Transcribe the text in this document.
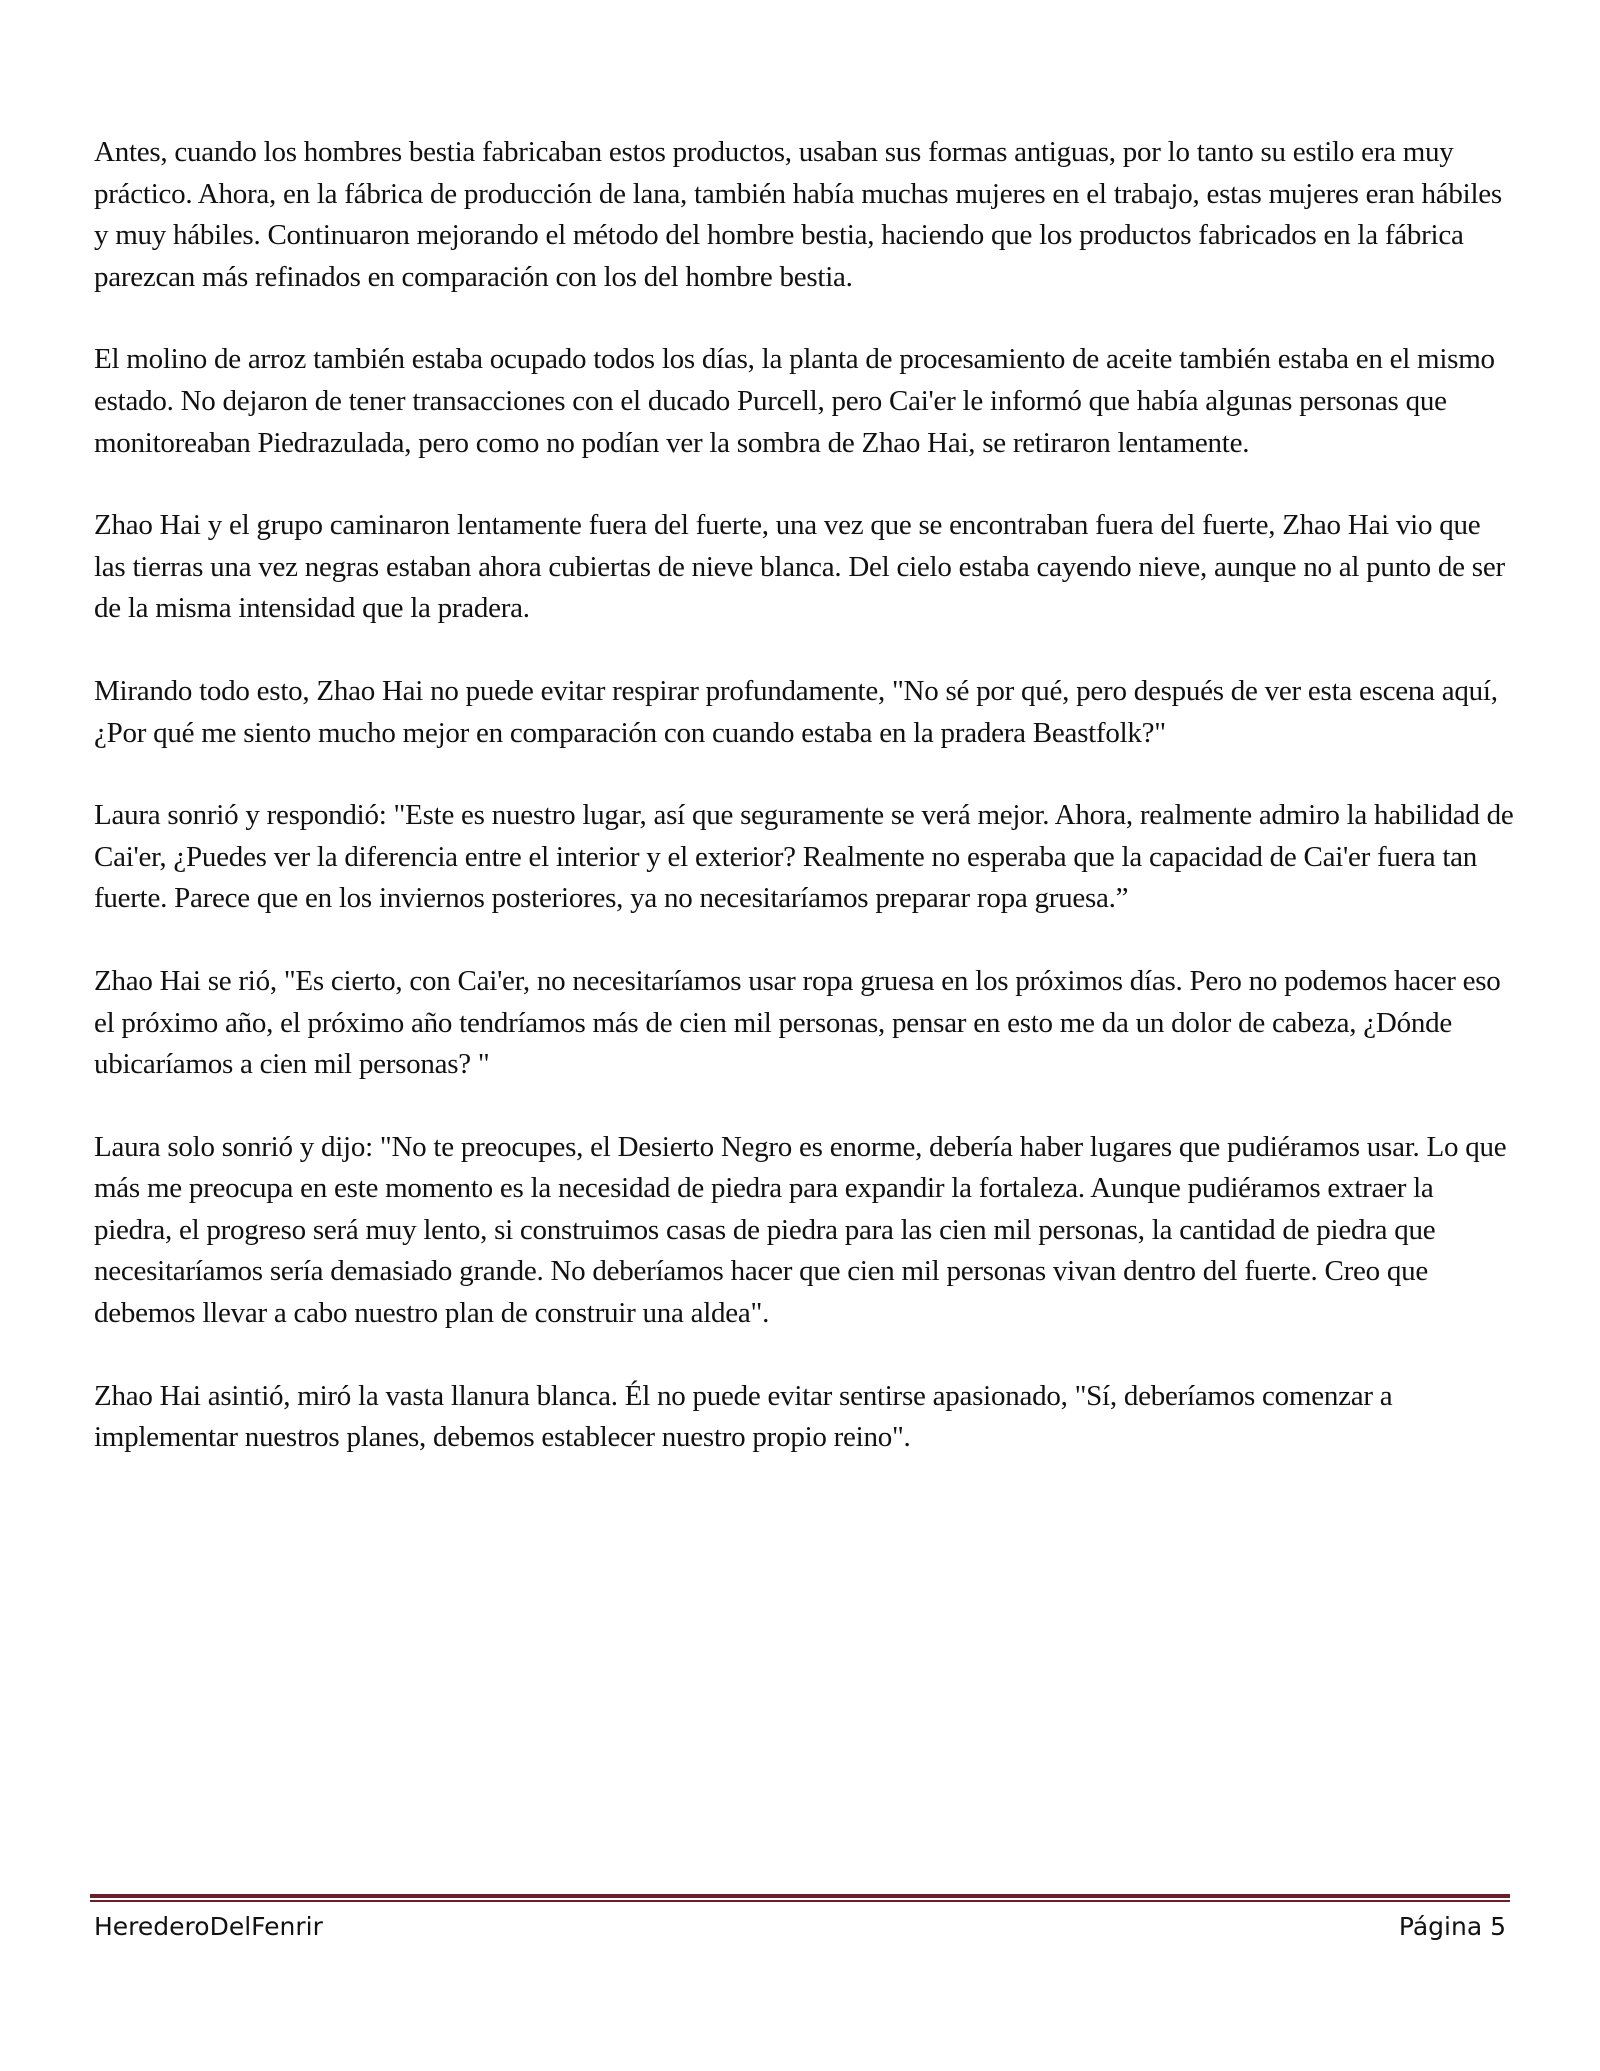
Antes, cuando los hombres bestia fabricaban estos productos, usaban sus formas antiguas, por lo tanto su estilo era muy práctico. Ahora, en la fábrica de producción de lana, también había muchas mujeres en el trabajo, estas mujeres eran hábiles y muy hábiles. Continuaron mejorando el método del hombre bestia, haciendo que los productos fabricados en la fábrica parezcan más refinados en comparación con los del hombre bestia.

El molino de arroz también estaba ocupado todos los días, la planta de procesamiento de aceite también estaba en el mismo estado. No dejaron de tener transacciones con el ducado Purcell, pero Cai'er le informó que había algunas personas que monitoreaban Piedrazulada, pero como no podían ver la sombra de Zhao Hai, se retiraron lentamente.

Zhao Hai y el grupo caminaron lentamente fuera del fuerte, una vez que se encontraban fuera del fuerte, Zhao Hai vio que las tierras una vez negras estaban ahora cubiertas de nieve blanca. Del cielo estaba cayendo nieve, aunque no al punto de ser de la misma intensidad que la pradera.

Mirando todo esto, Zhao Hai no puede evitar respirar profundamente, "No sé por qué, pero después de ver esta escena aquí, ¿Por qué me siento mucho mejor en comparación con cuando estaba en la pradera Beastfolk?"

Laura sonrió y respondió: "Este es nuestro lugar, así que seguramente se verá mejor. Ahora, realmente admiro la habilidad de Cai'er, ¿Puedes ver la diferencia entre el interior y el exterior? Realmente no esperaba que la capacidad de Cai'er fuera tan fuerte. Parece que en los inviernos posteriores, ya no necesitaríamos preparar ropa gruesa.”

Zhao Hai se rió, "Es cierto, con Cai'er, no necesitaríamos usar ropa gruesa en los próximos días. Pero no podemos hacer eso el próximo año, el próximo año tendríamos más de cien mil personas, pensar en esto me da un dolor de cabeza, ¿Dónde ubicaríamos a cien mil personas? "

Laura solo sonrió y dijo: "No te preocupes, el Desierto Negro es enorme, debería haber lugares que pudiéramos usar. Lo que más me preocupa en este momento es la necesidad de piedra para expandir la fortaleza. Aunque pudiéramos extraer la piedra, el progreso será muy lento, si construimos casas de piedra para las cien mil personas, la cantidad de piedra que necesitaríamos sería demasiado grande. No deberíamos hacer que cien mil personas vivan dentro del fuerte. Creo que debemos llevar a cabo nuestro plan de construir una aldea".

Zhao Hai asintió, miró la vasta llanura blanca. Él no puede evitar sentirse apasionado, "Sí, deberíamos comenzar a implementar nuestros planes, debemos establecer nuestro propio reino".

HerederoDelFenrir	Página 5
